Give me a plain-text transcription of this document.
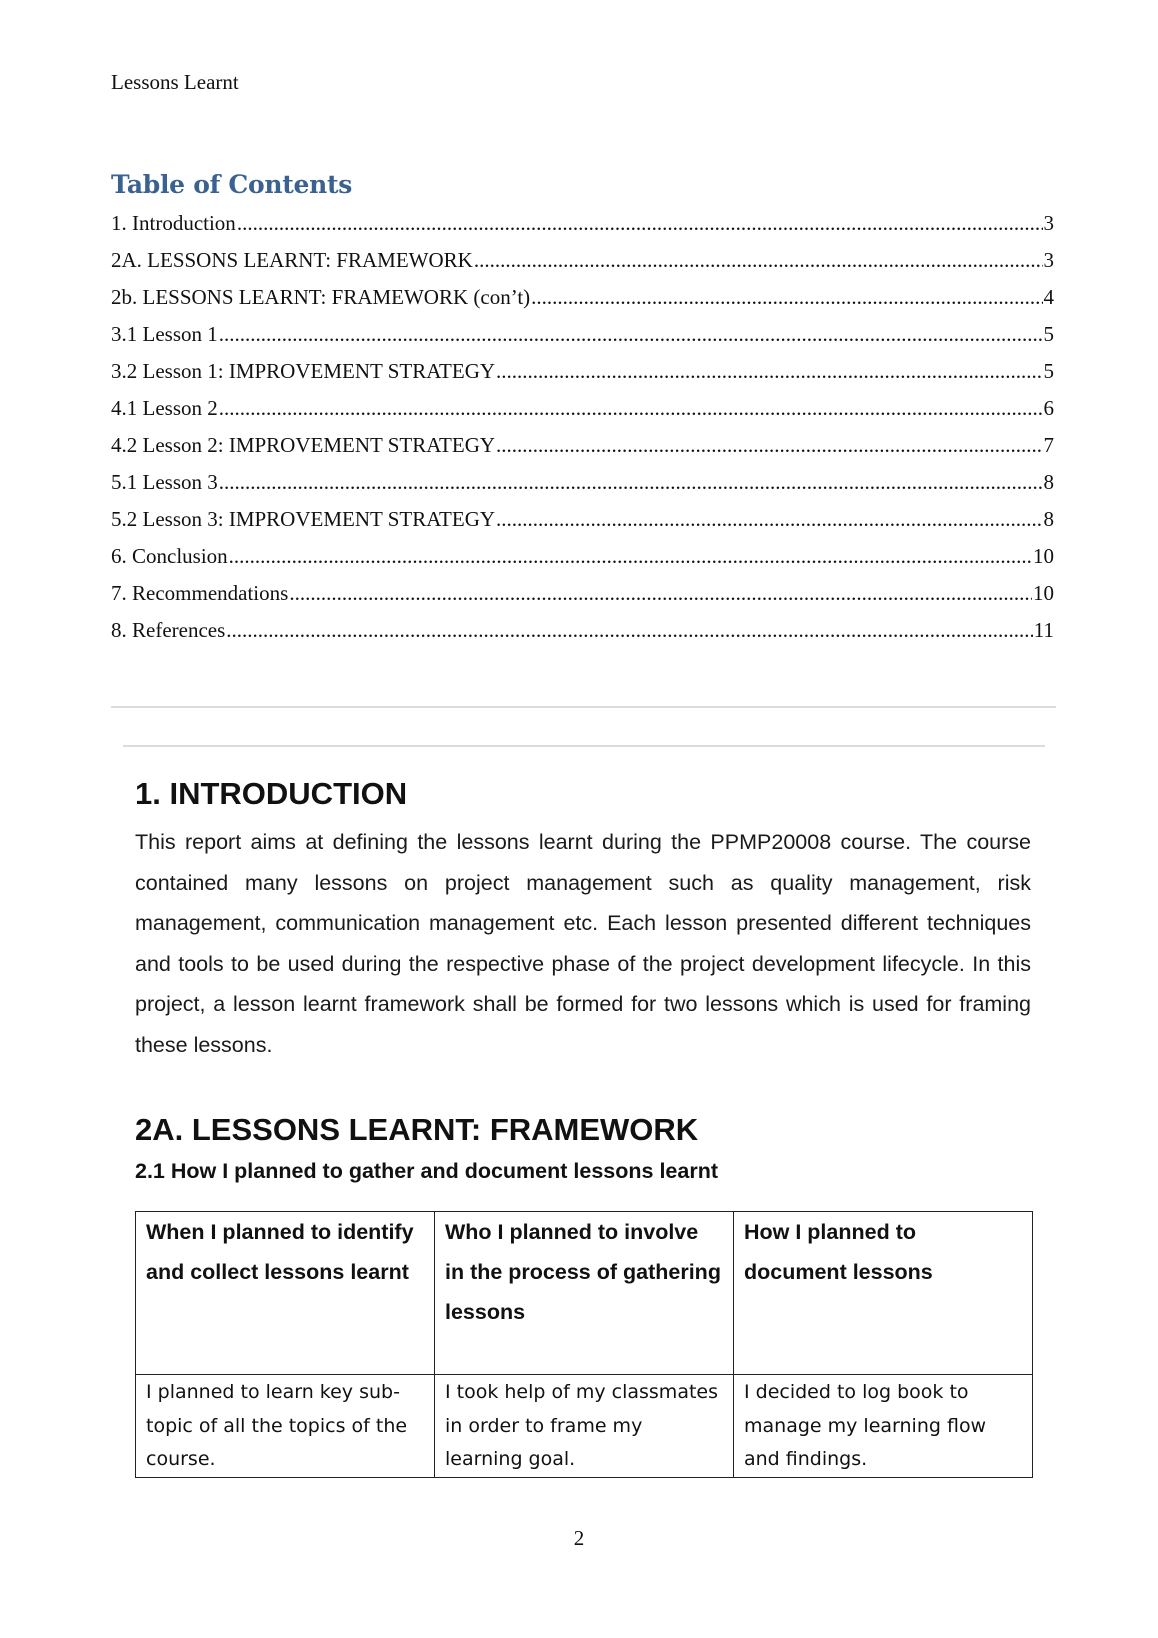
Lessons Learnt
Table of Contents
1. Introduction .....	3
2A. LESSONS LEARNT: FRAMEWORK .....	3
2b. LESSONS LEARNT: FRAMEWORK (con’t) .....	4
3.1 Lesson 1 .....	5
3.2 Lesson 1: IMPROVEMENT STRATEGY .....	5
4.1 Lesson 2 .....	6
4.2 Lesson 2: IMPROVEMENT STRATEGY .....	7
5.1 Lesson 3 .....	8
5.2 Lesson 3: IMPROVEMENT STRATEGY .....	8
6. Conclusion .....	10
7. Recommendations .....	10
8. References .....	11
1. INTRODUCTION

This report aims at defining the lessons learnt during the PPMP20008 course. The course contained many lessons on project management such as quality management, risk management, communication management etc. Each lesson presented different techniques and tools to be used during the respective phase of the project development lifecycle. In this project, a lesson learnt framework shall be formed for two lessons which is used for framing these lessons.

2A. LESSONS LEARNT: FRAMEWORK
2.1 How I planned to gather and document lessons learnt
When I planned to identify and collect lessons learnt	Who I planned to involve in the process of gathering lessons	How I planned to document lessons
I planned to learn key sub-topic of all the topics of the course.	I took help of my classmates in order to frame my learning goal.	I decided to log book to manage my learning flow and findings.
2
